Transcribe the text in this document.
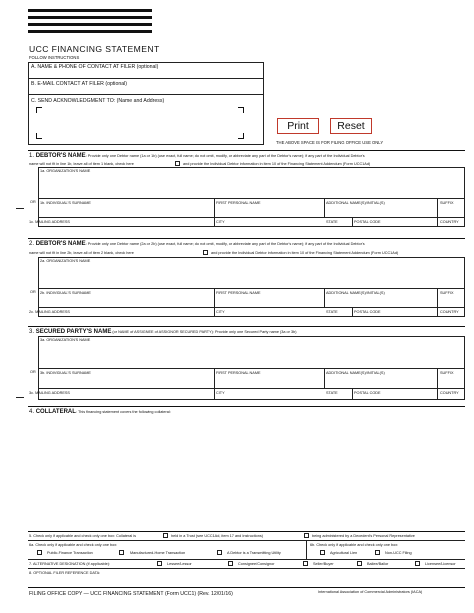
UCC FINANCING STATEMENT
FOLLOW INSTRUCTIONS
A. NAME & PHONE OF CONTACT AT FILER (optional)
B. E-MAIL CONTACT AT FILER (optional)
C. SEND ACKNOWLEDGMENT TO: (Name and Address)
Print	Reset
THE ABOVE SPACE IS FOR FILING OFFICE USE ONLY
1. DEBTOR'S NAME: Provide only one Debtor name (1a or 1b) (use exact, full name; do not omit, modify, or abbreviate any part of the Debtor's name); if any part of the Individual Debtor's
name will not fit in line 1b, leave all of item 1 blank, check here	and provide the Individual Debtor information in item 10 of the Financing Statement Addendum (Form UCC1Ad)
1a. ORGANIZATION'S NAME
OR 1b. INDIVIDUAL'S SURNAME	FIRST PERSONAL NAME	ADDITIONAL NAME(S)/INITIAL(S)	SUFFIX
1c. MAILING ADDRESS	CITY	STATE	POSTAL CODE	COUNTRY
2. DEBTOR'S NAME: Provide only one Debtor name (2a or 2b) (use exact, full name; do not omit, modify, or abbreviate any part of the Debtor's name); if any part of the Individual Debtor's
name will not fit in line 2b, leave all of item 2 blank, check here	and provide the Individual Debtor information in item 10 of the Financing Statement Addendum (Form UCC1Ad)
2a. ORGANIZATION'S NAME
OR 2b. INDIVIDUAL'S SURNAME	FIRST PERSONAL NAME	ADDITIONAL NAME(S)/INITIAL(S)	SUFFIX
2c. MAILING ADDRESS	CITY	STATE	POSTAL CODE	COUNTRY
3. SECURED PARTY'S NAME (or NAME of ASSIGNEE of ASSIGNOR SECURED PARTY): Provide only one Secured Party name (3a or 3b)
3a. ORGANIZATION'S NAME
OR 3b. INDIVIDUAL'S SURNAME	FIRST PERSONAL NAME	ADDITIONAL NAME(S)/INITIAL(S)	SUFFIX
3c. MAILING ADDRESS	CITY	STATE	POSTAL CODE	COUNTRY
4. COLLATERAL: This financing statement covers the following collateral:
5. Check only if applicable and check only one box: Collateral is	held in a Trust (see UCC1Ad, item 17 and Instructions)	being administered by a Decedent's Personal Representative
6a. Check only if applicable and check only one box:	6b. Check only if applicable and check only one box:
Public-Finance Transaction	Manufactured-Home Transaction	A Debtor is a Transmitting Utility	Agricultural Lien	Non-UCC Filing
7. ALTERNATIVE DESIGNATION (if applicable):	Lessee/Lessor	Consignee/Consignor	Seller/Buyer	Bailee/Bailor	Licensee/Licensor
8. OPTIONAL FILER REFERENCE DATA:
FILING OFFICE COPY — UCC FINANCING STATEMENT (Form UCC1) (Rev. 12/01/16)	International Association of Commercial Administrators (IACA)
